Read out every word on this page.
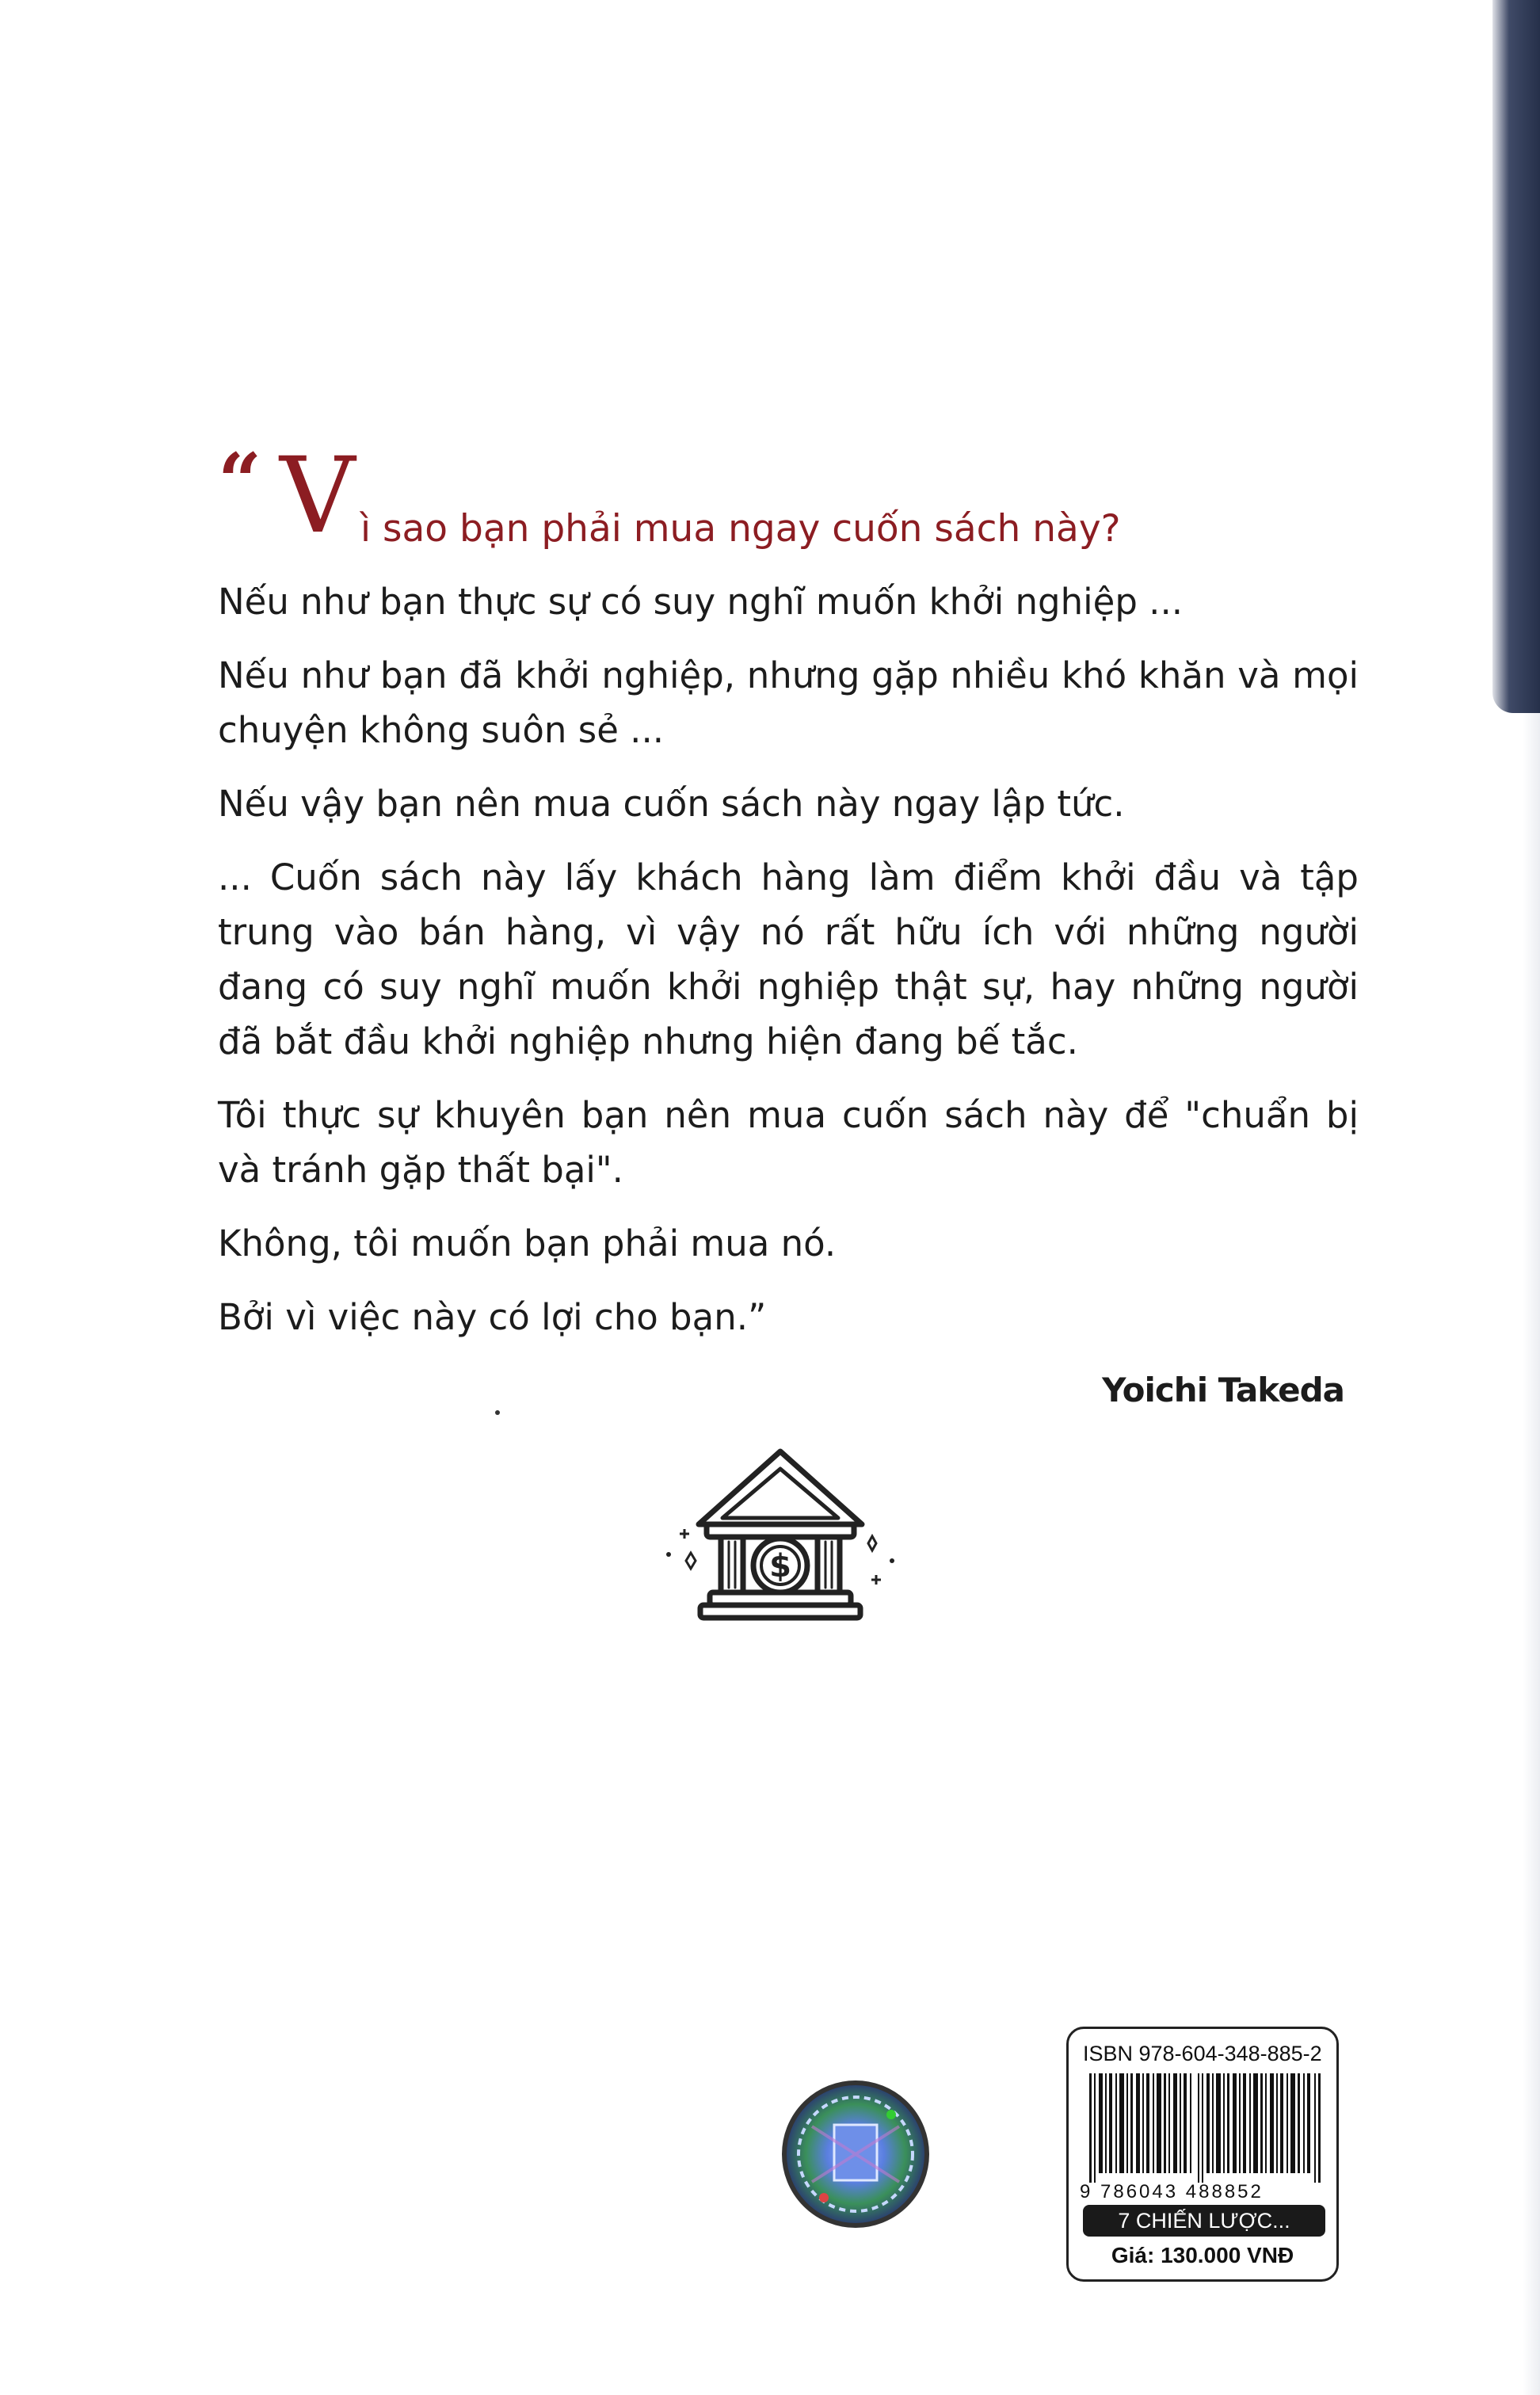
“ V ì sao bạn phải mua ngay cuốn sách này?

Nếu như bạn thực sự có suy nghĩ muốn khởi nghiệp ...

Nếu như bạn đã khởi nghiệp, nhưng gặp nhiều khó khăn và mọi chuyện không suôn sẻ ...

Nếu vậy bạn nên mua cuốn sách này ngay lập tức.

... Cuốn sách này lấy khách hàng làm điểm khởi đầu và tập trung vào bán hàng, vì vậy nó rất hữu ích với những người đang có suy nghĩ muốn khởi nghiệp thật sự, hay những người đã bắt đầu khởi nghiệp nhưng hiện đang bế tắc.

Tôi thực sự khuyên bạn nên mua cuốn sách này để "chuẩn bị và tránh gặp thất bại".

Không, tôi muốn bạn phải mua nó.

Bởi vì việc này có lợi cho bạn.”

Yoichi Takeda
$
ISBN 978-604-348-885-2
9 786043 488852
7 CHIẾN LƯỢC...
Giá: 130.000 VNĐ
